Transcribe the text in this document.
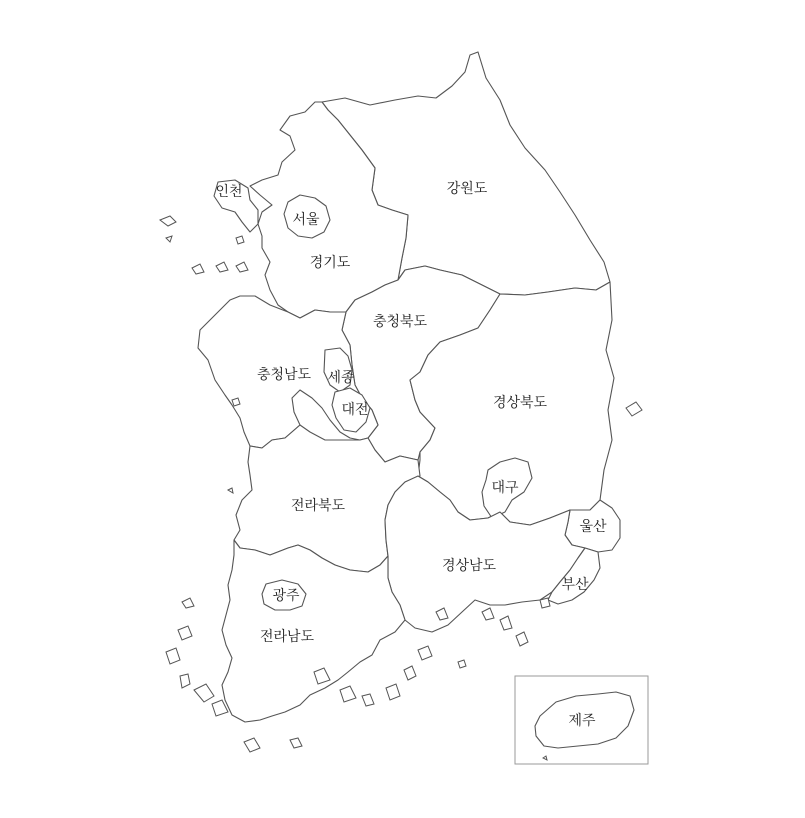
강원도
인천
서울
경기도
충청북도
충청남도 세종
대전	경상북도
대구
울산
전라북도
경상남도
부산
광주
전라남도
제주
